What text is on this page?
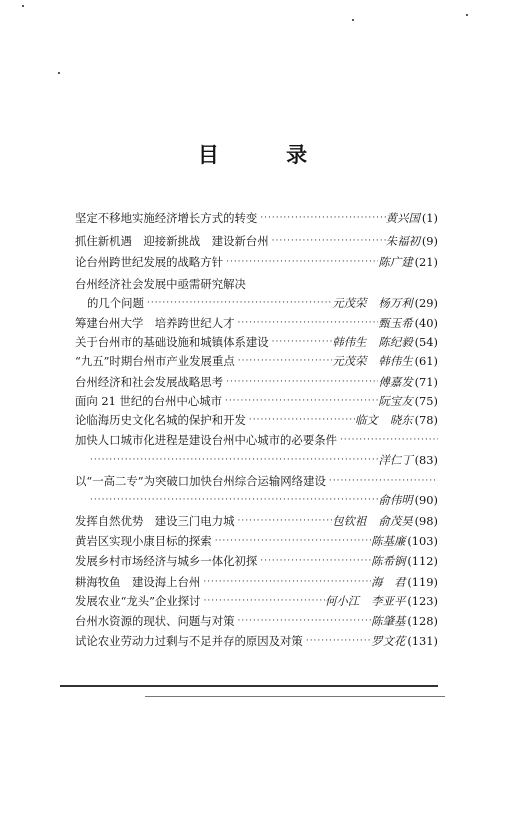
目 录
坚定不移地实施经济增长方式的转变 ·····	黄兴国 (1)
抓住新机遇　迎接新挑战　建设新台州 ·····	朱福初 (9)
论台州跨世纪发展的战略方针 ·····	陈广建 (21)
台州经济社会发展中亟需研究解决
的几个问题 ·····	元茂荣	杨万利 (29)
筹建台州大学　培养跨世纪人才 ·····	甄玉希 (40)
关于台州市的基础设施和城镇体系建设 ·····	韩伟生	陈纪毅 (54)
“九五”时期台州市产业发展重点 ·····	元茂荣	韩伟生 (61)
台州经济和社会发展战略思考 ·····	傅嘉发 (71)
面向 21 世纪的台州中心城市 ·····	阮宝友 (75)
论临海历史文化名城的保护和开发 ·····	临文	晓东 (78)
加快人口城市化进程是建设台州中心城市的必要条件
·····
·····
洋仁丁 (83)
以“一高二专”为突破口加快台州综合运输网络建设
·····
·····
俞伟明 (90)
发挥自然优势　建设三门电力城 ·····	包钦祖	俞茂昊 (98)
黄岩区实现小康目标的探索 ·····	陈基廉 (103)
发展乡村市场经济与城乡一体化初探 ·····	陈希锏 (112)
耕海牧鱼　建设海上台州 ·····	海　君 (119)
发展农业“龙头”企业探讨 ·····	何小江	李亚平 (123)
台州水资源的现状、问题与对策 ·····	陈肇基 (128)
试论农业劳动力过剩与不足并存的原因及对策 ·····	罗文花 (131)
